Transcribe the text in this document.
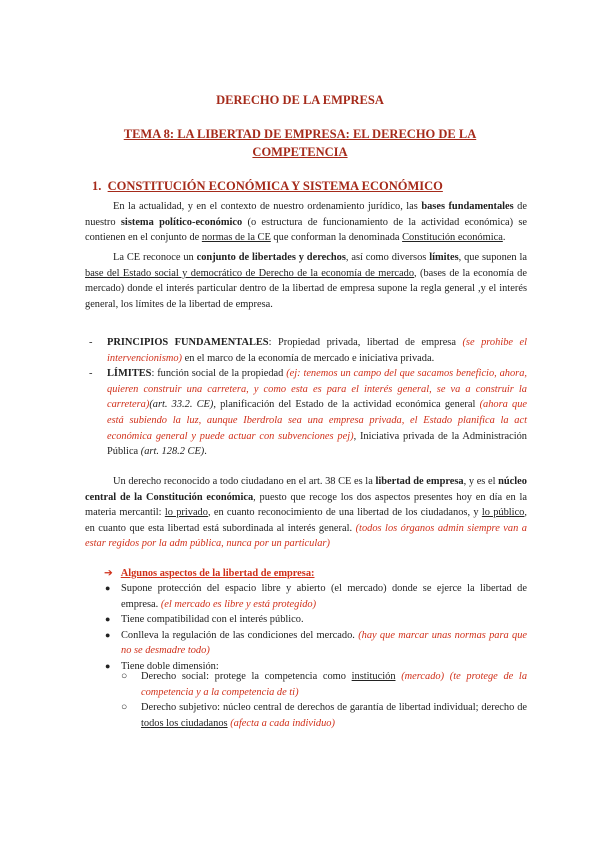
DERECHO DE LA EMPRESA
TEMA 8: LA LIBERTAD DE EMPRESA: EL DERECHO DE LA COMPETENCIA
1. CONSTITUCIÓN ECONÓMICA Y SISTEMA ECONÓMICO
En la actualidad, y en el contexto de nuestro ordenamiento jurídico, las bases fundamentales de nuestro sistema político-económico (o estructura de funcionamiento de la actividad económica) se contienen en el conjunto de normas de la CE que conforman la denominada Constitución económica.
La CE reconoce un conjunto de libertades y derechos, así como diversos límites, que suponen la base del Estado social y democrático de Derecho de la economía de mercado, (bases de la economía de mercado) donde el interés particular dentro de la libertad de empresa supone la regla general ,y el interés general, los límites de la libertad de empresa.
- PRINCIPIOS FUNDAMENTALES: Propiedad privada, libertad de empresa (se prohibe el intervencionismo) en el marco de la economía de mercado e iniciativa privada.
- LÍMITES: función social de la propiedad (ej: tenemos un campo del que sacamos beneficio, ahora, quieren construir una carretera, y como esta es para el interés general, se va a construir la carretera)(art. 33.2. CE), planificación del Estado de la actividad económica general (ahora que está subiendo la luz, aunque Iberdrola sea una empresa privada, el Estado planifica la act económica general y puede actuar con subvenciones pej), Iniciativa privada de la Administración Pública (art. 128.2 CE).
Un derecho reconocido a todo ciudadano en el art. 38 CE es la libertad de empresa, y es el núcleo central de la Constitución económica, puesto que recoge los dos aspectos presentes hoy en día en la materia mercantil: lo privado, en cuanto reconocimiento de una libertad de los ciudadanos, y lo público, en cuanto que esta libertad está subordinada al interés general. (todos los órganos admin siempre van a estar regidos por la adm pública, nunca por un particular)
➔ Algunos aspectos de la libertad de empresa:
● Supone protección del espacio libre y abierto (el mercado) donde se ejerce la libertad de empresa. (el mercado es libre y está protegido)
● Tiene compatibilidad con el interés público.
● Conlleva la regulación de las condiciones del mercado. (hay que marcar unas normas para que no se desmadre todo)
● Tiene doble dimensión:
○ Derecho social: protege la competencia como institución (mercado) (te protege de la competencia y a la competencia de ti)
○ Derecho subjetivo: núcleo central de derechos de garantía de libertad individual; derecho de todos los ciudadanos (afecta a cada individuo)
